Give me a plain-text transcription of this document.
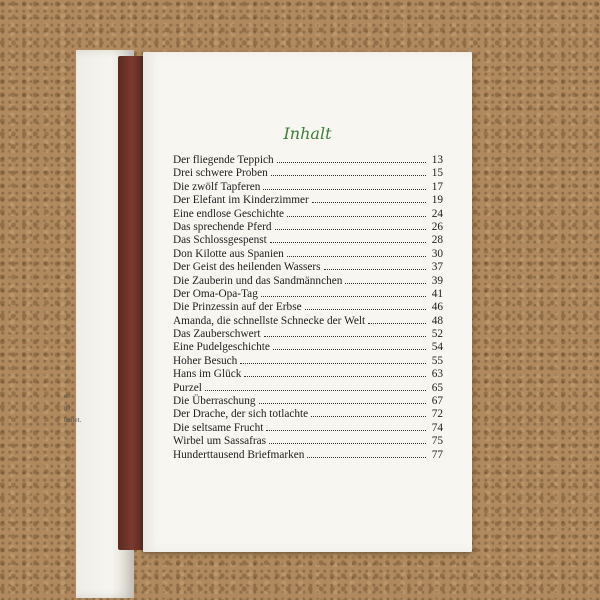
es
n)
beitet.
Inhalt
Der fliegende Teppich	13
Drei schwere Proben	15
Die zwölf Tapferen	17
Der Elefant im Kinderzimmer	19
Eine endlose Geschichte	24
Das sprechende Pferd	26
Das Schlossgespenst	28
Don Kilotte aus Spanien	30
Der Geist des heilenden Wassers	37
Die Zauberin und das Sandmännchen	39
Der Oma-Opa-Tag	41
Die Prinzessin auf der Erbse	46
Amanda, die schnellste Schnecke der Welt	48
Das Zauberschwert	52
Eine Pudelgeschichte	54
Hoher Besuch	55
Hans im Glück	63
Purzel	65
Die Überraschung	67
Der Drache, der sich totlachte	72
Die seltsame Frucht	74
Wirbel um Sassafras	75
Hunderttausend Briefmarken	77
